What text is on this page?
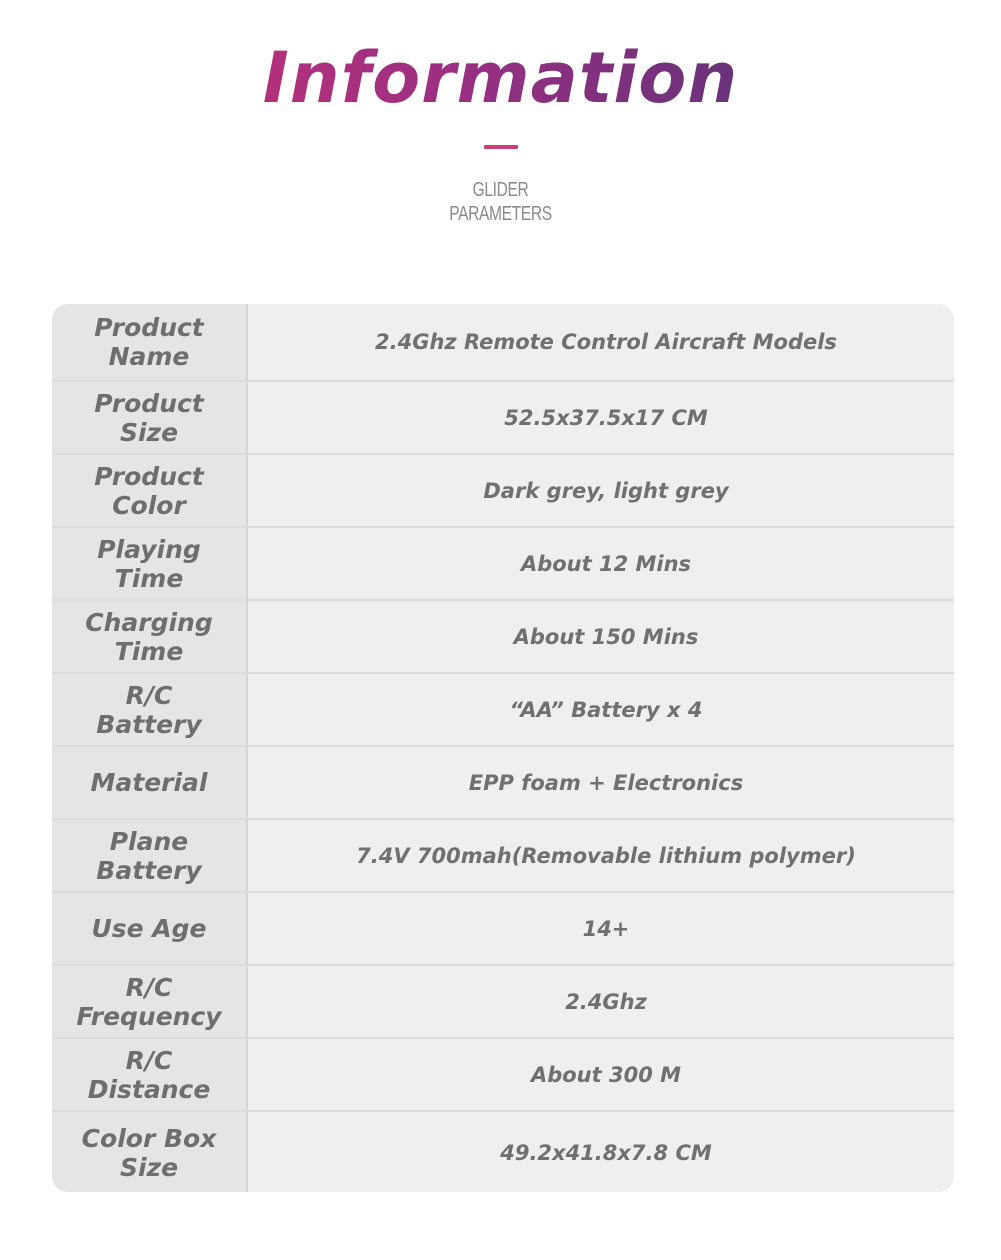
Information
GLIDER
PARAMETERS
Product
Name	2.4Ghz Remote Control Aircraft Models
Product
Size	52.5x37.5x17 CM
Product
Color	Dark grey, light grey
Playing
Time	About 12 Mins
Charging
Time	About 150 Mins
R/C
Battery	“AA” Battery x 4
Material	EPP foam + Electronics
Plane
Battery	7.4V 700mah(Removable lithium polymer)
Use Age	14+
R/C
Frequency	2.4Ghz
R/C
Distance	About 300 M
Color Box
Size	49.2x41.8x7.8 CM
